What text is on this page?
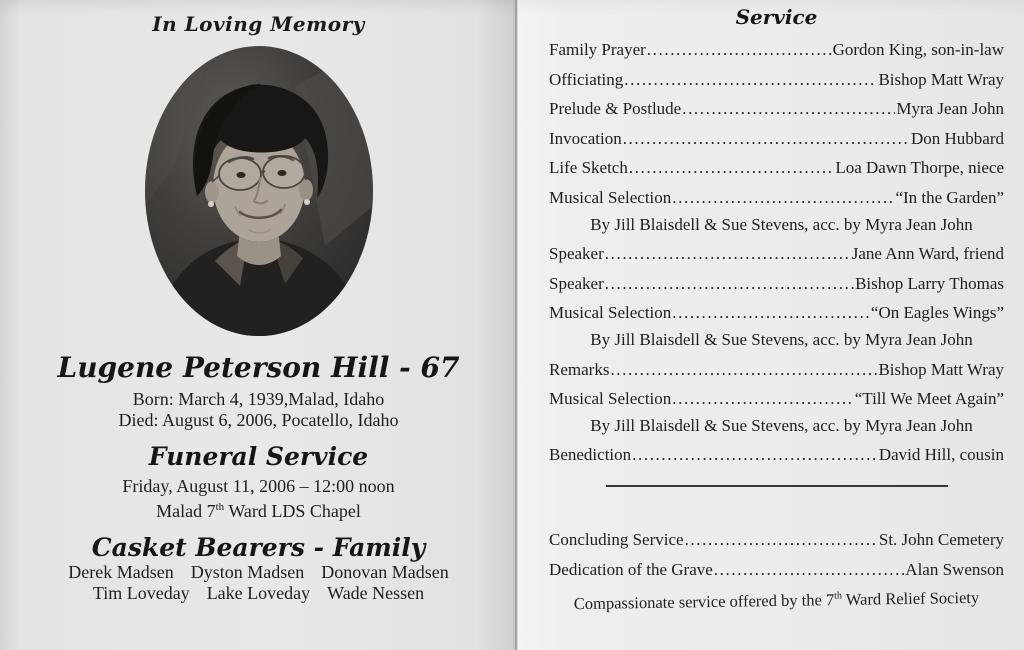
In Loving Memory
Lugene Peterson Hill - 67
Born: March 4, 1939,Malad, Idaho
Died: August 6, 2006, Pocatello, Idaho
Funeral Service
Friday, August 11, 2006 – 12:00 noon
Malad 7th Ward LDS Chapel
Casket Bearers - Family
Derek Madsen Dyston Madsen Donovan Madsen
Tim Loveday Lake Loveday Wade Nessen
Service
Family Prayer .....	Gordon King, son-in-law
Officiating .....	Bishop Matt Wray
Prelude & Postlude .....	Myra Jean John
Invocation .....	Don Hubbard
Life Sketch .....	Loa Dawn Thorpe, niece
Musical Selection .....	“In the Garden”
By Jill Blaisdell & Sue Stevens, acc. by Myra Jean John
Speaker .....	Jane Ann Ward, friend
Speaker .....	Bishop Larry Thomas
Musical Selection .....	“On Eagles Wings”
By Jill Blaisdell & Sue Stevens, acc. by Myra Jean John
Remarks .....	Bishop Matt Wray
Musical Selection .....	“Till We Meet Again”
By Jill Blaisdell & Sue Stevens, acc. by Myra Jean John
Benediction .....	David Hill, cousin
Concluding Service .....	St. John Cemetery
Dedication of the Grave .....	Alan Swenson
Compassionate service offered by the 7th Ward Relief Society
